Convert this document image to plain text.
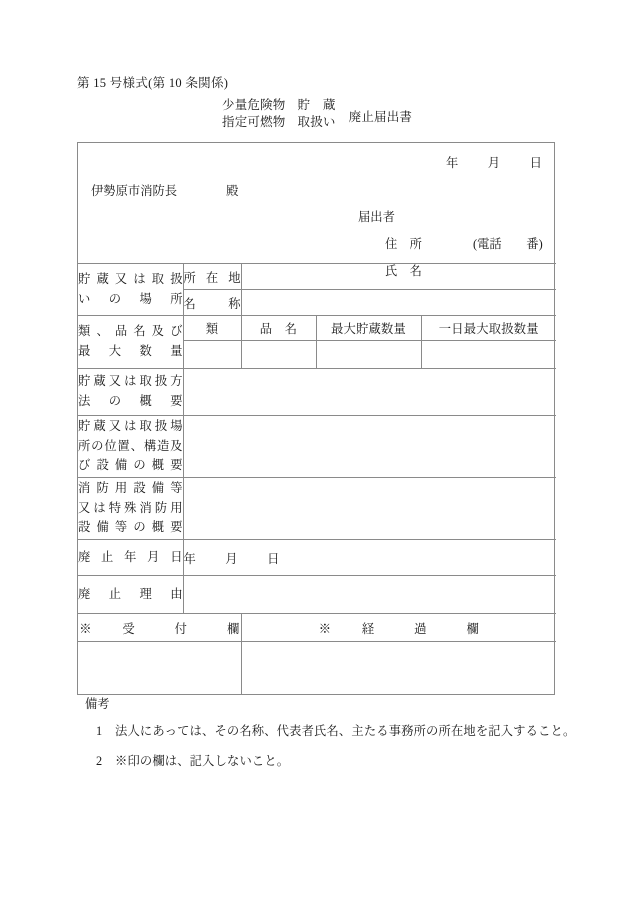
第 15 号様式(第 10 条関係)
少量危険物 貯　蔵
指定可燃物 取扱い 廃止届出書
年 月 日
伊勢原市消防長 殿
届出者
住　所 (電話　　番)
氏　名				

貯蔵又は取扱
いの場所	所 在 地			
	名　称			

類、品名及び
最大数量	類	品　名	最大貯蔵数量	一日最大取扱数量

貯蔵又は取扱方
法の概要				

貯蔵又は取扱場
所の位置、構造及
び設備の概要				

消防用設備等
又は特殊消防用
設備等の概要				

廃止年月日	年 月 日			

廃止理由				

※ 受　付　欄		※ 経　過　欄		

備考
1	法人にあっては、その名称、代表者氏名、主たる事務所の所在地を記入すること。
2	※印の欄は、記入しないこと。
